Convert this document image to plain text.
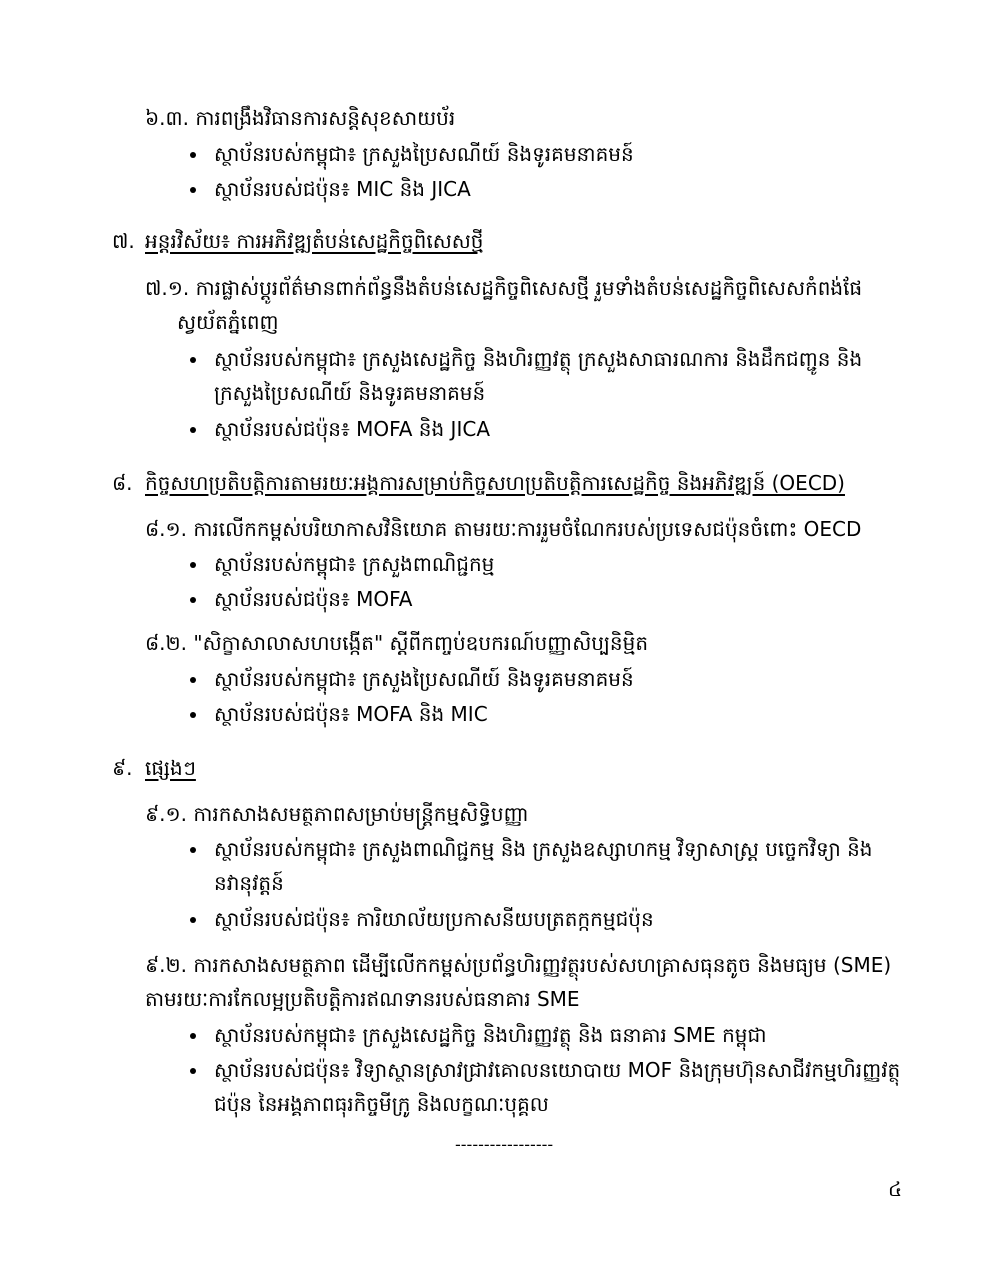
៦.៣. ការពង្រឹងវិធានការសន្តិសុខសាយប័រ
ស្ថាប័នរបស់កម្ពុជា៖ ក្រសួងប្រៃសណីយ៍ និងទូរគមនាគមន៍
ស្ថាប័នរបស់ជប៉ុន៖ MIC និង JICA
៧. អន្តរវិស័យ៖ ការអភិវឌ្ឍតំបន់សេដ្ឋកិច្ចពិសេសថ្មី
៧.១. ការផ្លាស់ប្តូរព័ត៌មានពាក់ព័ន្ធនឹងតំបន់សេដ្ឋកិច្ចពិសេសថ្មី រួមទាំងតំបន់សេដ្ឋកិច្ចពិសេសកំពង់ផែ
ស្វយ័តភ្នំពេញ
ស្ថាប័នរបស់កម្ពុជា៖ ក្រសួងសេដ្ឋកិច្ច និងហិរញ្ញវត្ថុ ក្រសួងសាធារណការ និងដឹកជញ្ជូន និង
ក្រសួងប្រៃសណីយ៍ និងទូរគមនាគមន៍
ស្ថាប័នរបស់ជប៉ុន៖ MOFA និង JICA
៨. កិច្ចសហប្រតិបត្តិការតាមរយៈអង្គការសម្រាប់កិច្ចសហប្រតិបត្តិការសេដ្ឋកិច្ច និងអភិវឌ្ឍន៍ (OECD)
៨.១. ការលើកកម្ពស់បរិយាកាសវិនិយោគ តាមរយៈការរួមចំណែករបស់ប្រទេសជប៉ុនចំពោះ OECD
ស្ថាប័នរបស់កម្ពុជា៖ ក្រសួងពាណិជ្ជកម្ម
ស្ថាប័នរបស់ជប៉ុន៖ MOFA
៨.២. "សិក្ខាសាលាសហបង្កើត" ស្តីពីកញ្ចប់ឧបករណ៍បញ្ញាសិប្បនិម្មិត
ស្ថាប័នរបស់កម្ពុជា៖ ក្រសួងប្រៃសណីយ៍ និងទូរគមនាគមន៍
ស្ថាប័នរបស់ជប៉ុន៖ MOFA និង MIC
៩. ផ្សេងៗ
៩.១. ការកសាងសមត្ថភាពសម្រាប់មន្ត្រីកម្មសិទ្ធិបញ្ញា
ស្ថាប័នរបស់កម្ពុជា៖ ក្រសួងពាណិជ្ជកម្ម និង ក្រសួងឧស្សាហកម្ម វិទ្យាសាស្ត្រ បច្ចេកវិទ្យា និង
នវានុវត្តន៍
ស្ថាប័នរបស់ជប៉ុន៖ ការិយាល័យប្រកាសនីយបត្រតក្កកម្មជប៉ុន
៩.២. ការកសាងសមត្ថភាព ដើម្បីលើកកម្ពស់ប្រព័ន្ធហិរញ្ញវត្ថុរបស់សហគ្រាសធុនតូច និងមធ្យម (SME)
តាមរយៈការកែលម្អប្រតិបត្តិការឥណទានរបស់ធនាគារ SME
ស្ថាប័នរបស់កម្ពុជា៖ ក្រសួងសេដ្ឋកិច្ច និងហិរញ្ញវត្ថុ និង ធនាគារ SME កម្ពុជា
ស្ថាប័នរបស់ជប៉ុន៖ វិទ្យាស្ថានស្រាវជ្រាវគោលនយោបាយ MOF និងក្រុមហ៊ុនសាជីវកម្មហិរញ្ញវត្ថុ
ជប៉ុន នៃអង្គភាពធុរកិច្ចមីក្រូ និងលក្ខណៈបុគ្គល
-----------------
៤
